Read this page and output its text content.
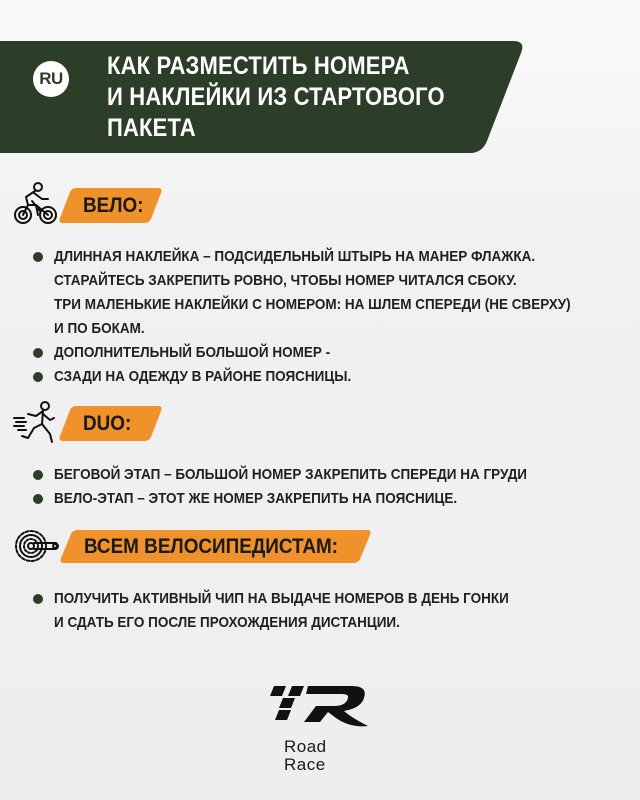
RU КАК РАЗМЕСТИТЬ НОМЕРА
И НАКЛЕЙКИ ИЗ СТАРТОВОГО
ПАКЕТА
ВЕЛО:
ДЛИННАЯ НАКЛЕЙКА – ПОДСИДЕЛЬНЫЙ ШТЫРЬ НА МАНЕР ФЛАЖКА.
СТАРАЙТЕСЬ ЗАКРЕПИТЬ РОВНО, ЧТОБЫ НОМЕР ЧИТАЛСЯ СБОКУ.
ТРИ МАЛЕНЬКИЕ НАКЛЕЙКИ С НОМЕРОМ: НА ШЛЕМ СПЕРЕДИ (НЕ СВЕРХУ)
И ПО БОКАМ.
ДОПОЛНИТЕЛЬНЫЙ БОЛЬШОЙ НОМЕР -
СЗАДИ НА ОДЕЖДУ В РАЙОНЕ ПОЯСНИЦЫ.
DUO:
БЕГОВОЙ ЭТАП – БОЛЬШОЙ НОМЕР ЗАКРЕПИТЬ СПЕРЕДИ НА ГРУДИ
ВЕЛО-ЭТАП – ЭТОТ ЖЕ НОМЕР ЗАКРЕПИТЬ НА ПОЯСНИЦЕ.
ВСЕМ ВЕЛОСИПЕДИСТАМ:
ПОЛУЧИТЬ АКТИВНЫЙ ЧИП НА ВЫДАЧЕ НОМЕРОВ В ДЕНЬ ГОНКИ
И СДАТЬ ЕГО ПОСЛЕ ПРОХОЖДЕНИЯ ДИСТАНЦИИ.
Road
Race
